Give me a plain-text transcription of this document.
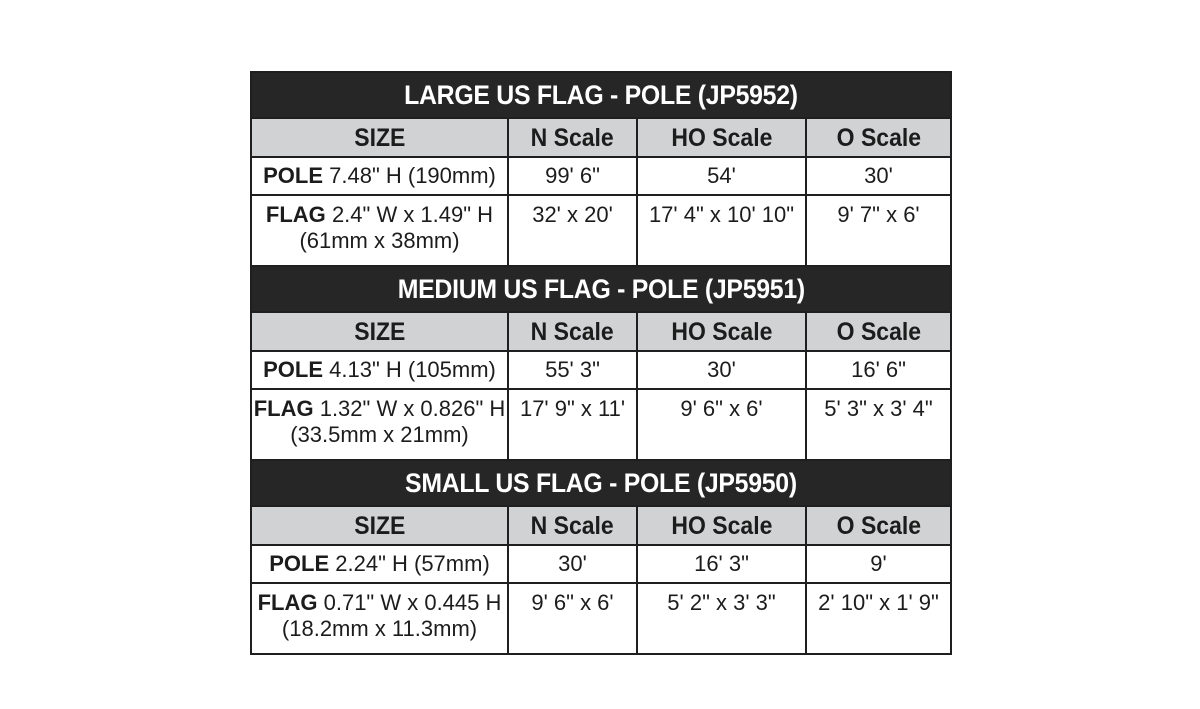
LARGE US FLAG - POLE (JP5952)			
SIZE	N Scale	HO Scale	O Scale
POLE 7.48" H (190mm)	99' 6"	54'	30'
FLAG 2.4" W x 1.49" H (61mm x 38mm)	32' x 20'	17' 4" x 10' 10"	9' 7" x 6'
MEDIUM US FLAG - POLE (JP5951)			
SIZE	N Scale	HO Scale	O Scale
POLE 4.13" H (105mm)	55' 3"	30'	16' 6"
FLAG 1.32" W x 0.826" H (33.5mm x 21mm)	17' 9" x 11'	9' 6" x 6'	5' 3" x 3' 4"
SMALL US FLAG - POLE (JP5950)			
SIZE	N Scale	HO Scale	O Scale
POLE 2.24" H (57mm)	30'	16' 3"	9'
FLAG 0.71" W x 0.445 H (18.2mm x 11.3mm)	9' 6" x 6'	5' 2" x 3' 3"	2' 10" x 1' 9"
